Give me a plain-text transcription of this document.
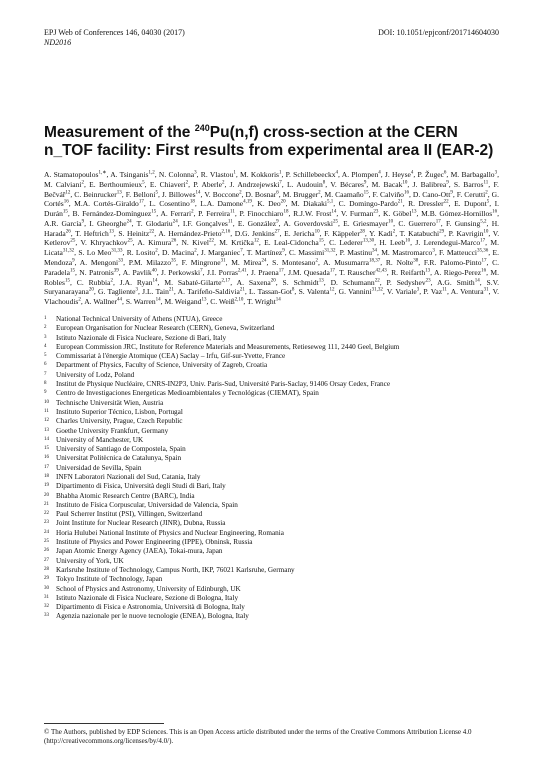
EPJ Web of Conferences 146, 04030 (2017)	DOI: 10.1051/epjconf/201714604030
ND2016
Measurement of the $^{240}$Pu(n,f) cross-section at the CERN n_TOF facility: First results from experimental area II (EAR-2)
A. Stamatopoulos$^{1,∗}$, A. Tsinganis$^{1,2}$, N. Colonna$^3$, R. Vlastou$^1$, M. Kokkoris$^1$, P. Schillebeeckx$^4$, A. Plompen$^4$, J. Heyse$^4$, P. Žugec$^6$, M. Barbagallo$^3$, M. Calviani$^2$, E. Berthoumieux$^5$, E. Chiaveri$^2$, P. Aberle$^2$, J. Andrzejewski$^7$, L. Audouin$^8$, V. Bécares$^9$, M. Bacak$^{10}$, J. Balibrea$^9$, S. Barros$^{11}$, F. Bečvář$^{12}$, C. Beinrucker$^{13}$, F. Belloni$^5$, J. Billowes$^{14}$, V. Boccone$^2$, D. Bosnar$^6$, M. Brugger$^2$, M. Caamaño$^{15}$, F. Calviño$^{16}$, D. Cano-Ott$^9$, F. Cerutti$^2$, G. Cortés$^{16}$, M.A. Cortés-Giraldo$^{17}$, L. Cosentino$^{18}$, L.A. Damone$^{4,19}$, K. Deo$^{20}$, M. Diakaki$^{5,1}$, C. Domingo-Pardo$^{21}$, R. Dressler$^{22}$, E. Dupont$^5$, I. Durán$^{15}$, B. Fernández-Domínguez$^{15}$, A. Ferrari$^2$, P. Ferreira$^{11}$, P. Finocchiaro$^{18}$, R.J.W. Frost$^{14}$, V. Furman$^{23}$, K. Göbel$^{13}$, M.B. Gómez-Hornillos$^{16}$, A.R. García$^9$, I. Gheorghe$^{24}$, T. Glodariu$^{24}$, I.F. Gonçalves$^{11}$, E. González$^9$, A. Goverdovski$^{25}$, E. Griesmayer$^{10}$, C. Guerrero$^{17}$, F. Gunsing$^{5,2}$, H. Harada$^{26}$, T. Heftrich$^{13}$, S. Heinitz$^{22}$, A. Hernández-Prieto$^{2,16}$, D.G. Jenkins$^{27}$, E. Jericha$^{10}$, F. Käppeler$^{28}$, Y. Kadi$^2$, T. Katabuchi$^{29}$, P. Kavrigin$^{10}$, V. Ketlerov$^{25}$, V. Khryachkov$^{25}$, A. Kimura$^{26}$, N. Kivel$^{22}$, M. Krtička$^{12}$, E. Leal-Cidoncha$^{15}$, C. Lederer$^{13,30}$, H. Leeb$^{10}$, J. Lerendegui-Marco$^{17}$, M. Licata$^{31,32}$, S. Lo Meo$^{31,33}$, R. Losito$^2$, D. Macina$^2$, J. Marganiec$^7$, T. Martínez$^9$, C. Massimi$^{31,32}$, P. Mastinu$^{34}$, M. Mastromarco$^3$, F. Matteucci$^{35,36}$, E. Mendoza$^9$, A. Mengoni$^{33}$, P.M. Milazzo$^{35}$, F. Mingrone$^{31}$, M. Mirea$^{24}$, S. Montesano$^2$, A. Musumarra$^{18,37}$, R. Nolte$^{38}$, F.R. Palomo-Pinto$^{17}$, C. Paradela$^{15}$, N. Patronis$^{39}$, A. Pavlik$^{40}$, J. Perkowski$^7$, J.I. Porras$^{2,41}$, J. Praena$^{17}$, J.M. Quesada$^{17}$, T. Rauscher$^{42,43}$, R. Reifarth$^{13}$, A. Riego-Perez$^{16}$, M. Robles$^{15}$, C. Rubbia$^2$, J.A. Ryan$^{14}$, M. Sabaté-Gilarte$^{2,17}$, A. Saxena$^{20}$, S. Schmidt$^{13}$, D. Schumann$^{22}$, P. Sedyshev$^{23}$, A.G. Smith$^{14}$, S.V. Suryanarayana$^{20}$, G. Tagliente$^3$, J.L. Tain$^{21}$, A. Tarifeño-Saldivia$^{21}$, L. Tassan-Got$^8$, S. Valenta$^{12}$, G. Vannini$^{31,32}$, V. Variale$^3$, P. Vaz$^{11}$, A. Ventura$^{31}$, V. Vlachoudis$^2$, A. Wallner$^{44}$, S. Warren$^{14}$, M. Weigand$^{13}$, C. Weiß$^{2,10}$, T. Wright$^{14}$
1	National Technical University of Athens (NTUA), Greece
2	European Organisation for Nuclear Research (CERN), Geneva, Switzerland
3	Istituto Nazionale di Fisica Nucleare, Sezione di Bari, Italy
4	European Commission JRC, Institute for Reference Materials and Measurements, Retieseweg 111, 2440 Geel, Belgium
5	Commissariat à l'énergie Atomique (CEA) Saclay – Irfu, Gif-sur-Yvette, France
6	Department of Physics, Faculty of Science, University of Zagreb, Croatia
7	University of Lodz, Poland
8	Institut de Physique Nucléaire, CNRS-IN2P3, Univ. Paris-Sud, Université Paris-Saclay, 91406 Orsay Cedex, France
9	Centro de Investigaciones Energeticas Medioambientales y Tecnológicas (CIEMAT), Spain
10 Technische Universität Wien, Austria
11 Instituto Superior Técnico, Lisbon, Portugal
12 Charles University, Prague, Czech Republic
13 Goethe University Frankfurt, Germany
14 University of Manchester, UK
15 University of Santiago de Compostela, Spain
16 Universitat Politècnica de Catalunya, Spain
17 Universidad de Sevilla, Spain
18 INFN Laboratori Nazionali del Sud, Catania, Italy
19 Dipartimento di Fisica, Università degli Studi di Bari, Italy
20 Bhabha Atomic Research Centre (BARC), India
21 Instituto de Física Corpuscular, Universidad de Valencia, Spain
22 Paul Scherrer Institut (PSI), Villingen, Switzerland
23 Joint Institute for Nuclear Research (JINR), Dubna, Russia
24 Horia Hulubei National Institute of Physics and Nuclear Engineering, Romania
25 Institute of Physics and Power Engineering (IPPE), Obninsk, Russia
26 Japan Atomic Energy Agency (JAEA), Tokai-mura, Japan
27 University of York, UK
28 Karlsruhe Institute of Technology, Campus North, IKP, 76021 Karlsruhe, Germany
29 Tokyo Institute of Technology, Japan
30 School of Physics and Astronomy, University of Edinburgh, UK
31 Istituto Nazionale di Fisica Nucleare, Sezione di Bologna, Italy
32 Dipartimento di Fisica e Astronomia, Università di Bologna, Italy
33 Agenzia nazionale per le nuove tecnologie (ENEA), Bologna, Italy
© The Authors, published by EDP Sciences. This is an Open Access article distributed under the terms of the Creative Commons Attribution License 4.0 (http://creativecommons.org/licenses/by/4.0/).
